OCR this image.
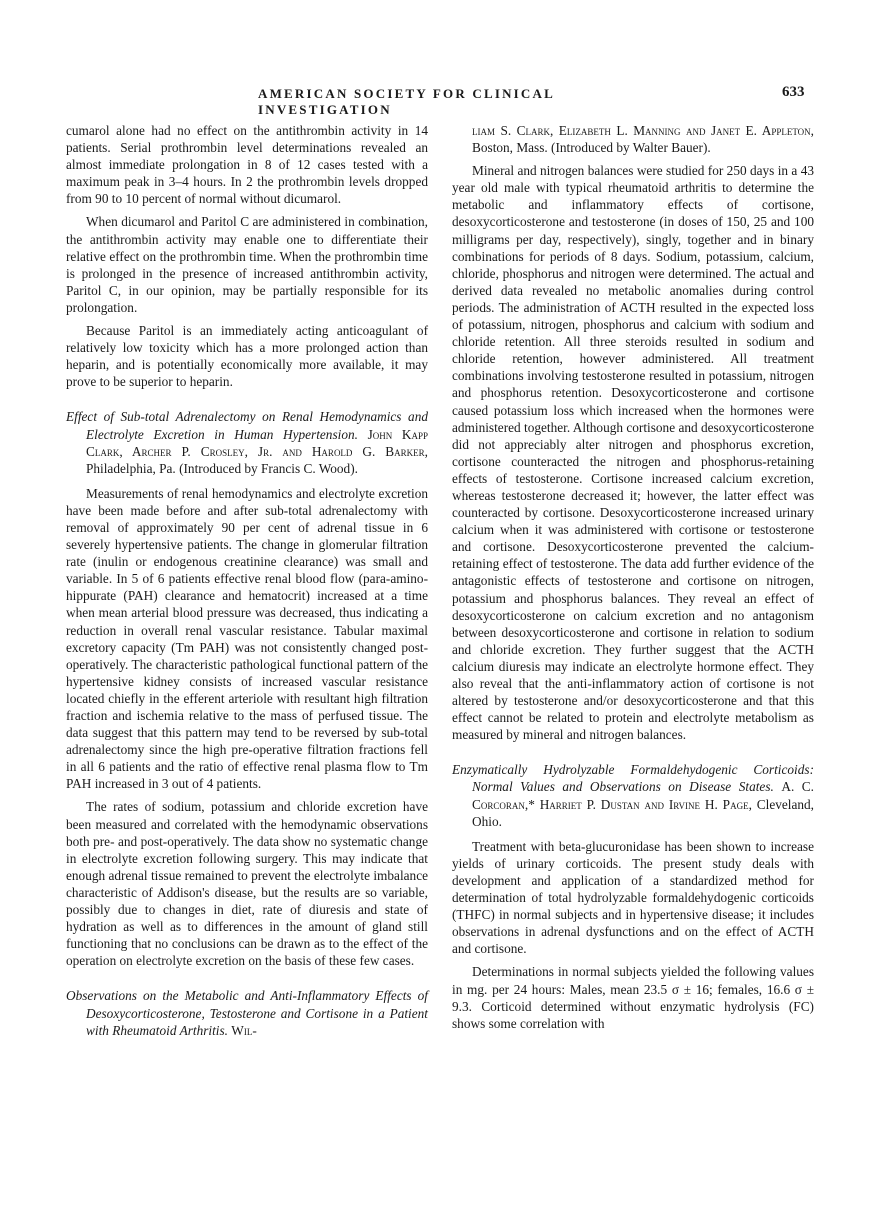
AMERICAN SOCIETY FOR CLINICAL INVESTIGATION
633

cumarol alone had no effect on the antithrombin activity in 14 patients. Serial prothrombin level determinations revealed an almost immediate prolongation in 8 of 12 cases tested with a maximum peak in 3–4 hours. In 2 the prothrombin levels dropped from 90 to 10 percent of normal without dicumarol.

When dicumarol and Paritol C are administered in combination, the antithrombin activity may enable one to differentiate their relative effect on the prothrombin time. When the prothrombin time is prolonged in the presence of increased antithrombin activity, Paritol C, in our opinion, may be partially responsible for its prolongation.

Because Paritol is an immediately acting anticoagulant of relatively low toxicity which has a more prolonged action than heparin, and is potentially economically more available, it may prove to be superior to heparin.

Effect of Sub-total Adrenalectomy on Renal Hemodynamics and Electrolyte Excretion in Human Hypertension. John Kapp Clark, Archer P. Crosley, Jr. and Harold G. Barker, Philadelphia, Pa. (Introduced by Francis C. Wood).

Measurements of renal hemodynamics and electrolyte excretion have been made before and after sub-total adrenalectomy with removal of approximately 90 per cent of adrenal tissue in 6 severely hypertensive patients. The change in glomerular filtration rate (inulin or endogenous creatinine clearance) was small and variable. In 5 of 6 patients effective renal blood flow (para-amino-hippurate (PAH) clearance and hematocrit) increased at a time when mean arterial blood pressure was decreased, thus indicating a reduction in overall renal vascular resistance. Tabular maximal excretory capacity (Tm PAH) was not consistently changed post-operatively. The characteristic pathological functional pattern of the hypertensive kidney consists of increased vascular resistance located chiefly in the efferent arteriole with resultant high filtration fraction and ischemia relative to the mass of perfused tissue. The data suggest that this pattern may tend to be reversed by sub-total adrenalectomy since the high pre-operative filtration fractions fell in all 6 patients and the ratio of effective renal plasma flow to Tm PAH increased in 3 out of 4 patients.

The rates of sodium, potassium and chloride excretion have been measured and correlated with the hemodynamic observations both pre- and post-operatively. The data show no systematic change in electrolyte excretion following surgery. This may indicate that enough adrenal tissue remained to prevent the electrolyte imbalance characteristic of Addison's disease, but the results are so variable, possibly due to changes in diet, rate of diuresis and state of hydration as well as to differences in the amount of gland still functioning that no conclusions can be drawn as to the effect of the operation on electrolyte excretion on the basis of these few cases.

Observations on the Metabolic and Anti-Inflammatory Effects of Desoxycorticosterone, Testosterone and Cortisone in a Patient with Rheumatoid Arthritis. Wil-

liam S. Clark, Elizabeth L. Manning and Janet E. Appleton, Boston, Mass. (Introduced by Walter Bauer).

Mineral and nitrogen balances were studied for 250 days in a 43 year old male with typical rheumatoid arthritis to determine the metabolic and inflammatory effects of cortisone, desoxycorticosterone and testosterone (in doses of 150, 25 and 100 milligrams per day, respectively), singly, together and in binary combinations for periods of 8 days. Sodium, potassium, calcium, chloride, phosphorus and nitrogen were determined. The actual and derived data revealed no metabolic anomalies during control periods. The administration of ACTH resulted in the expected loss of potassium, nitrogen, phosphorus and calcium with sodium and chloride retention. All three steroids resulted in sodium and chloride retention, however administered. All treatment combinations involving testosterone resulted in potassium, nitrogen and phosphorus retention. Desoxycorticosterone and cortisone caused potassium loss which increased when the hormones were administered together. Although cortisone and desoxycorticosterone did not appreciably alter nitrogen and phosphorus excretion, cortisone counteracted the nitrogen and phosphorus-retaining effects of testosterone. Cortisone increased calcium excretion, whereas testosterone decreased it; however, the latter effect was counteracted by cortisone. Desoxycorticosterone increased urinary calcium when it was administered with cortisone or testosterone and cortisone. Desoxycorticosterone prevented the calcium-retaining effect of testosterone. The data add further evidence of the antagonistic effects of testosterone and cortisone on nitrogen, potassium and phosphorus balances. They reveal an effect of desoxycorticosterone on calcium excretion and no antagonism between desoxycorticosterone and cortisone in relation to sodium and chloride excretion. They further suggest that the ACTH calcium diuresis may indicate an electrolyte hormone effect. They also reveal that the anti-inflammatory action of cortisone is not altered by testosterone and/or desoxycorticosterone and that this effect cannot be related to protein and electrolyte metabolism as measured by mineral and nitrogen balances.

Enzymatically Hydrolyzable Formaldehydogenic Corticoids: Normal Values and Observations on Disease States. A. C. Corcoran,* Harriet P. Dustan and Irvine H. Page, Cleveland, Ohio.

Treatment with beta-glucuronidase has been shown to increase yields of urinary corticoids. The present study deals with development and application of a standardized method for determination of total hydrolyzable formaldehydogenic corticoids (THFC) in normal subjects and in hypertensive disease; it includes observations in adrenal dysfunctions and on the effect of ACTH and cortisone.

Determinations in normal subjects yielded the following values in mg. per 24 hours: Males, mean 23.5 σ ± 16; females, 16.6 σ ± 9.3. Corticoid determined without enzymatic hydrolysis (FC) shows some correlation with
